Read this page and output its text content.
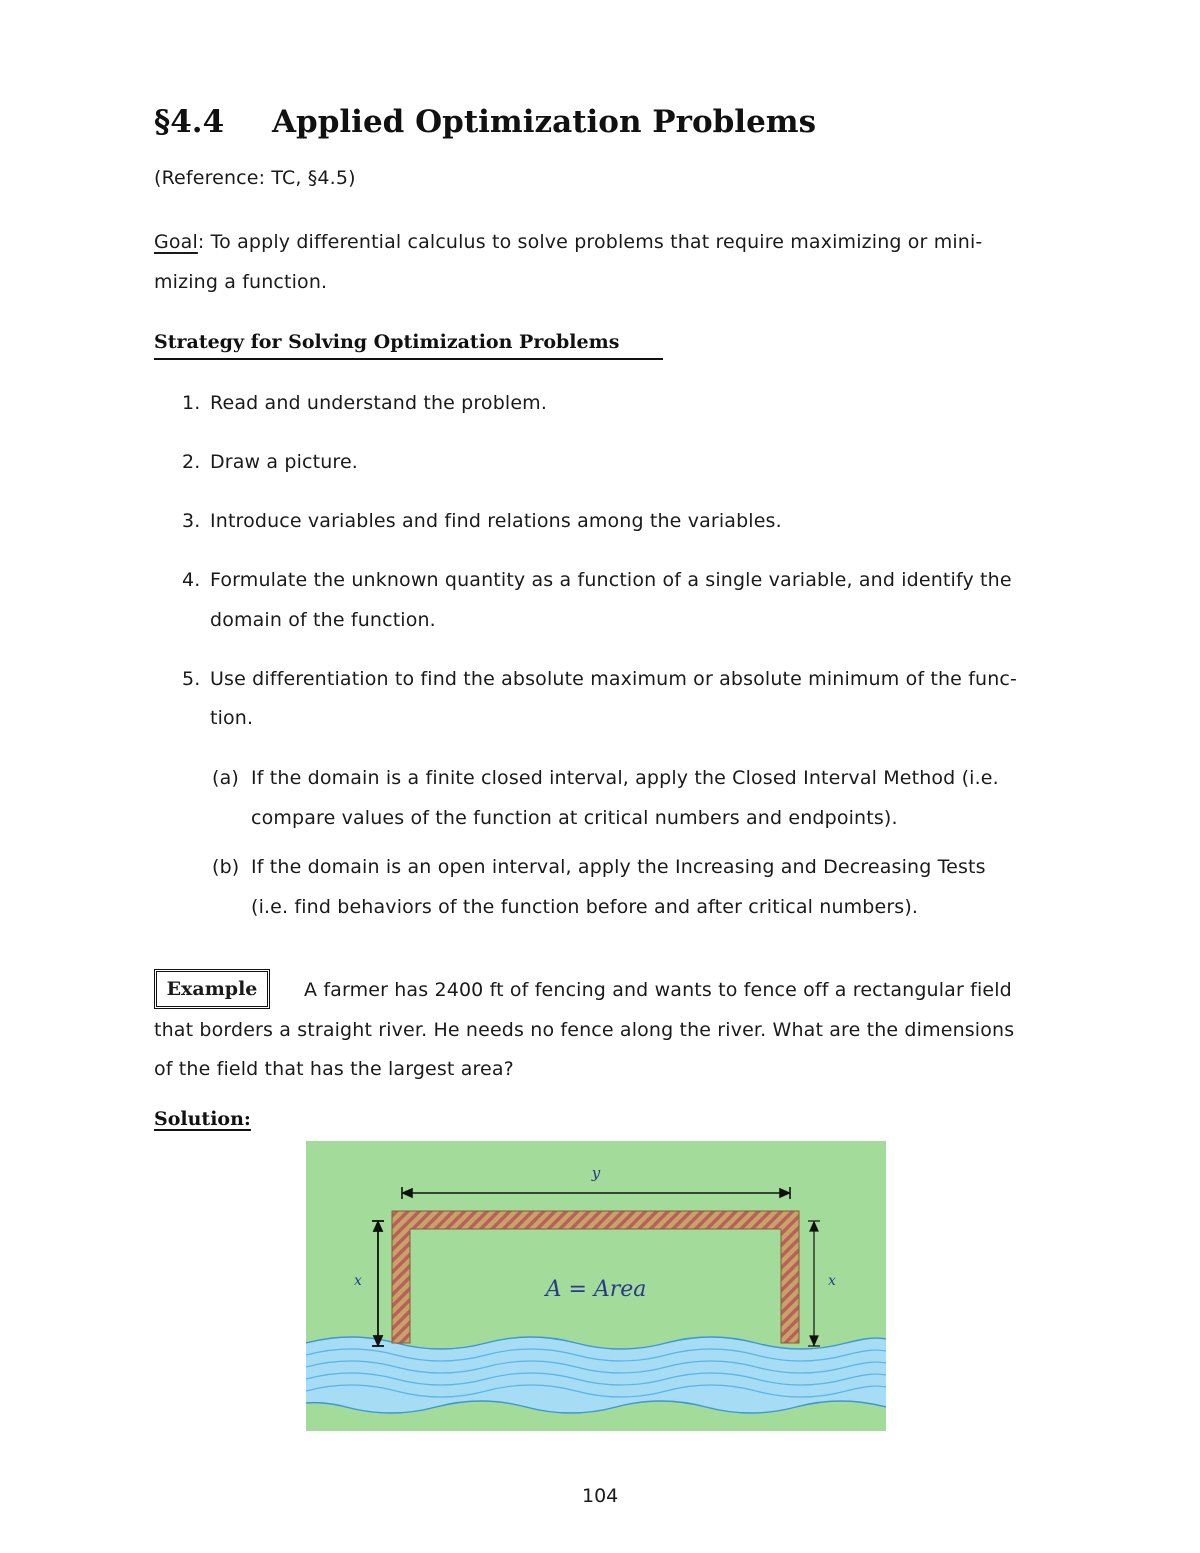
§4.4 Applied Optimization Problems
(Reference: TC, §4.5)
Goal: To apply differential calculus to solve problems that require maximizing or mini-
mizing a function.
Strategy for Solving Optimization Problems
1. Read and understand the problem.
2. Draw a picture.
3. Introduce variables and find relations among the variables.
4. Formulate the unknown quantity as a function of a single variable, and identify the
domain of the function.
5. Use differentiation to find the absolute maximum or absolute minimum of the func-
tion.
(a) If the domain is a finite closed interval, apply the Closed Interval Method (i.e.
compare values of the function at critical numbers and endpoints).
(b) If the domain is an open interval, apply the Increasing and Decreasing Tests
(i.e. find behaviors of the function before and after critical numbers).
Example A farmer has 2400 ft of fencing and wants to fence off a rectangular field
that borders a straight river. He needs no fence along the river. What are the dimensions
of the field that has the largest area?
Solution:
y
x	x
A = Area
104
